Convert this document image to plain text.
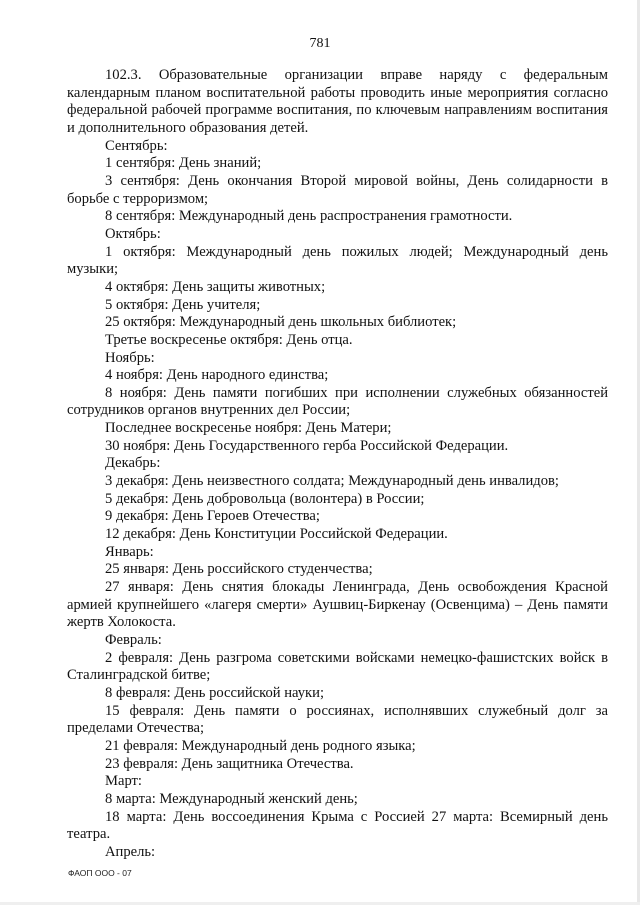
781

102.3. Образовательные организации вправе наряду с федеральным календарным планом воспитательной работы проводить иные мероприятия согласно федеральной рабочей программе воспитания, по ключевым направлениям воспитания и дополнительного образования детей.

Сентябрь:

1 сентября: День знаний;

3 сентября: День окончания Второй мировой войны, День солидарности в борьбе с терроризмом;

8 сентября: Международный день распространения грамотности.

Октябрь:

1 октября: Международный день пожилых людей; Международный день музыки;

4 октября: День защиты животных;

5 октября: День учителя;

25 октября: Международный день школьных библиотек;

Третье воскресенье октября: День отца.

Ноябрь:

4 ноября: День народного единства;

8 ноября: День памяти погибших при исполнении служебных обязанностей сотрудников органов внутренних дел России;

Последнее воскресенье ноября: День Матери;

30 ноября: День Государственного герба Российской Федерации.

Декабрь:

3 декабря: День неизвестного солдата; Международный день инвалидов;

5 декабря: День добровольца (волонтера) в России;

9 декабря: День Героев Отечества;

12 декабря: День Конституции Российской Федерации.

Январь:

25 января: День российского студенчества;

27 января: День снятия блокады Ленинграда, День освобождения Красной армией крупнейшего «лагеря смерти» Аушвиц-Биркенау (Освенцима) – День памяти жертв Холокоста.

Февраль:

2 февраля: День разгрома советскими войсками немецко-фашистских войск в Сталинградской битве;

8 февраля: День российской науки;

15 февраля: День памяти о россиянах, исполнявших служебный долг за пределами Отечества;

21 февраля: Международный день родного языка;

23 февраля: День защитника Отечества.

Март:

8 марта: Международный женский день;

18 марта: День воссоединения Крыма с Россией 27 марта: Всемирный день театра.

Апрель:

ФАОП ООО - 07
